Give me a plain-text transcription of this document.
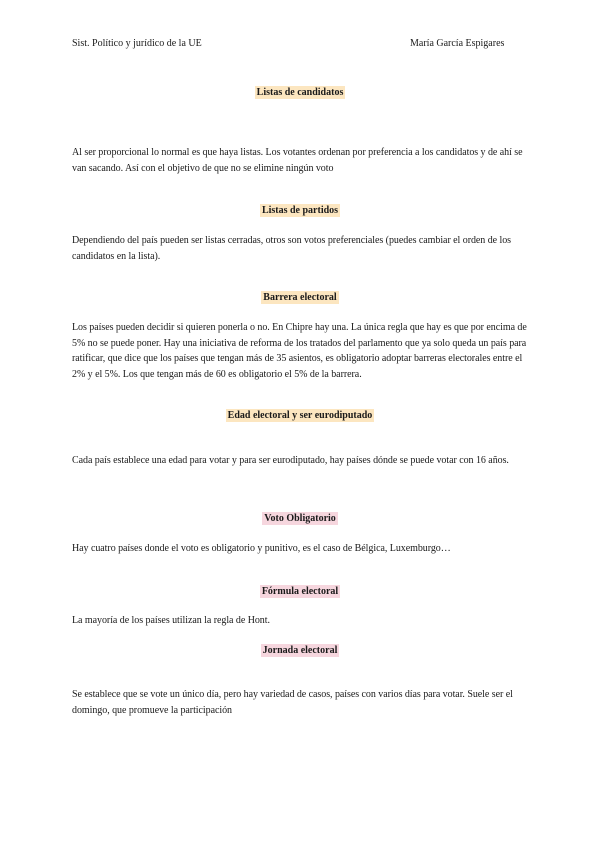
Sist. Político y jurídico de la UE	María García Espigares
Listas de candidatos
Al ser proporcional lo normal es que haya listas. Los votantes ordenan por preferencia a los candidatos y de ahí se van sacando. Así con el objetivo de que no se elimine ningún voto
Listas de partidos
Dependiendo del país pueden ser listas cerradas, otros son votos preferenciales (puedes cambiar el orden de los candidatos en la lista).
Barrera electoral
Los países pueden decidir si quieren ponerla o no. En Chipre hay una. La única regla que hay es que por encima de 5% no se puede poner. Hay una iniciativa de reforma de los tratados del parlamento que ya solo queda un país para ratificar, que dice que los países que tengan más de 35 asientos, es obligatorio adoptar barreras electorales entre el 2% y el 5%. Los que tengan más de 60 es obligatorio el 5% de la barrera.
Edad electoral y ser eurodiputado
Cada país establece una edad para votar y para ser eurodiputado, hay países dónde se puede votar con 16 años.
Voto Obligatorio
Hay cuatro países donde el voto es obligatorio y punitivo, es el caso de Bélgica, Luxemburgo…
Fórmula electoral
La mayoría de los países utilizan la regla de Hont.
Jornada electoral
Se establece que se vote un único día, pero hay variedad de casos, países con varios días para votar. Suele ser el domingo, que promueve la participación
